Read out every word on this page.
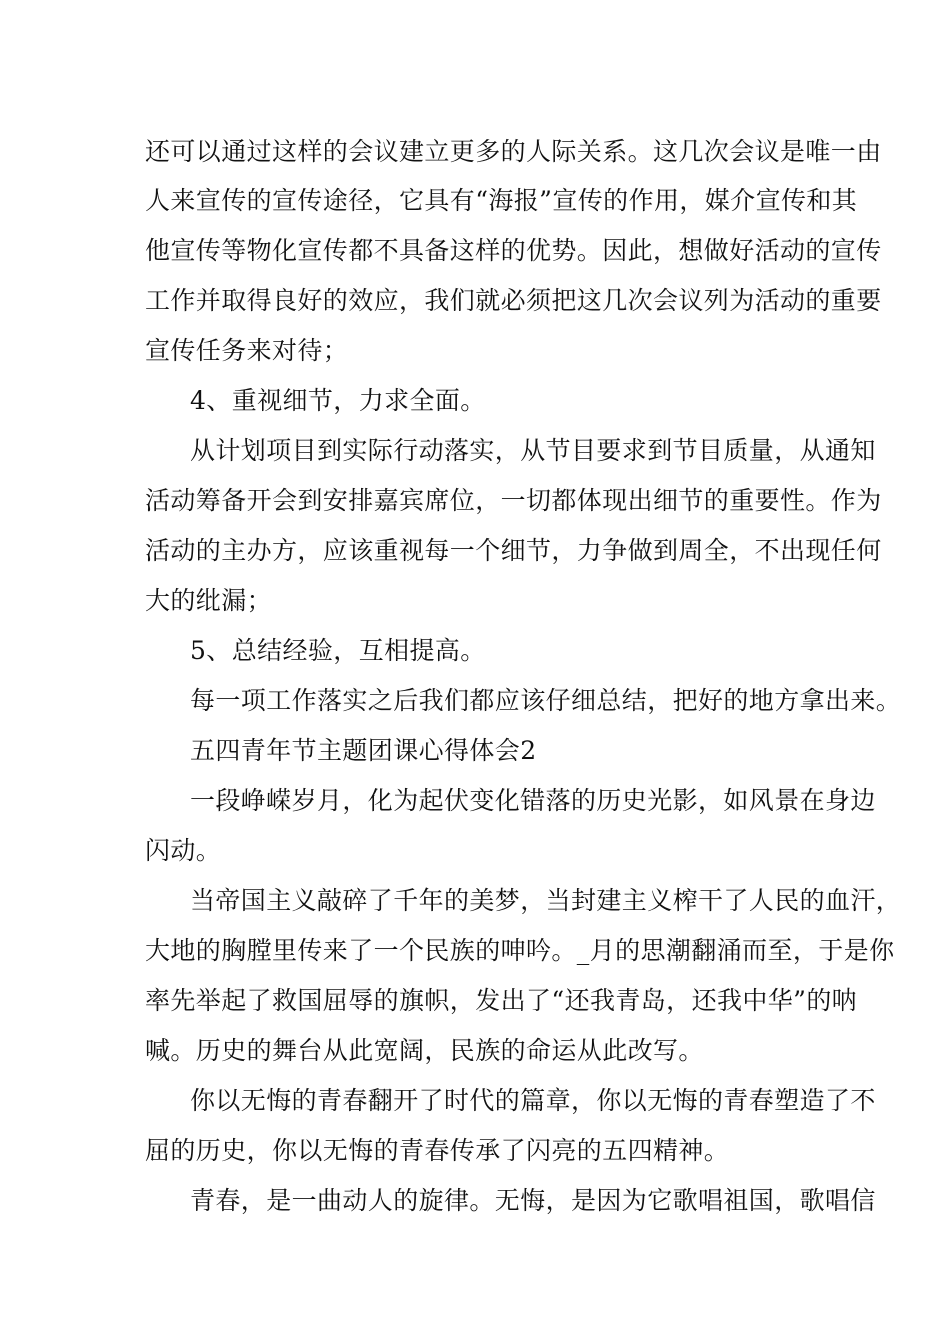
还可以通过这样的会议建立更多的人际关系。这几次会议是唯一由
人来宣传的宣传途径，它具有“海报”宣传的作用，媒介宣传和其
他宣传等物化宣传都不具备这样的优势。因此，想做好活动的宣传
工作并取得良好的效应，我们就必须把这几次会议列为活动的重要
宣传任务来对待；
4、重视细节，力求全面。
从计划项目到实际行动落实，从节目要求到节目质量，从通知
活动筹备开会到安排嘉宾席位，一切都体现出细节的重要性。作为
活动的主办方，应该重视每一个细节，力争做到周全，不出现任何
大的纰漏；
5、总结经验，互相提高。
每一项工作落实之后我们都应该仔细总结，把好的地方拿出来。
五四青年节主题团课心得体会2
一段峥嵘岁月，化为起伏变化错落的历史光影，如风景在身边
闪动。
当帝国主义敲碎了千年的美梦，当封建主义榨干了人民的血汗，
大地的胸膛里传来了一个民族的呻吟。_月的思潮翻涌而至，于是你
率先举起了救国屈辱的旗帜，发出了“还我青岛，还我中华”的呐
喊。历史的舞台从此宽阔，民族的命运从此改写。
你以无悔的青春翻开了时代的篇章，你以无悔的青春塑造了不
屈的历史，你以无悔的青春传承了闪亮的五四精神。
青春，是一曲动人的旋律。无悔，是因为它歌唱祖国，歌唱信
